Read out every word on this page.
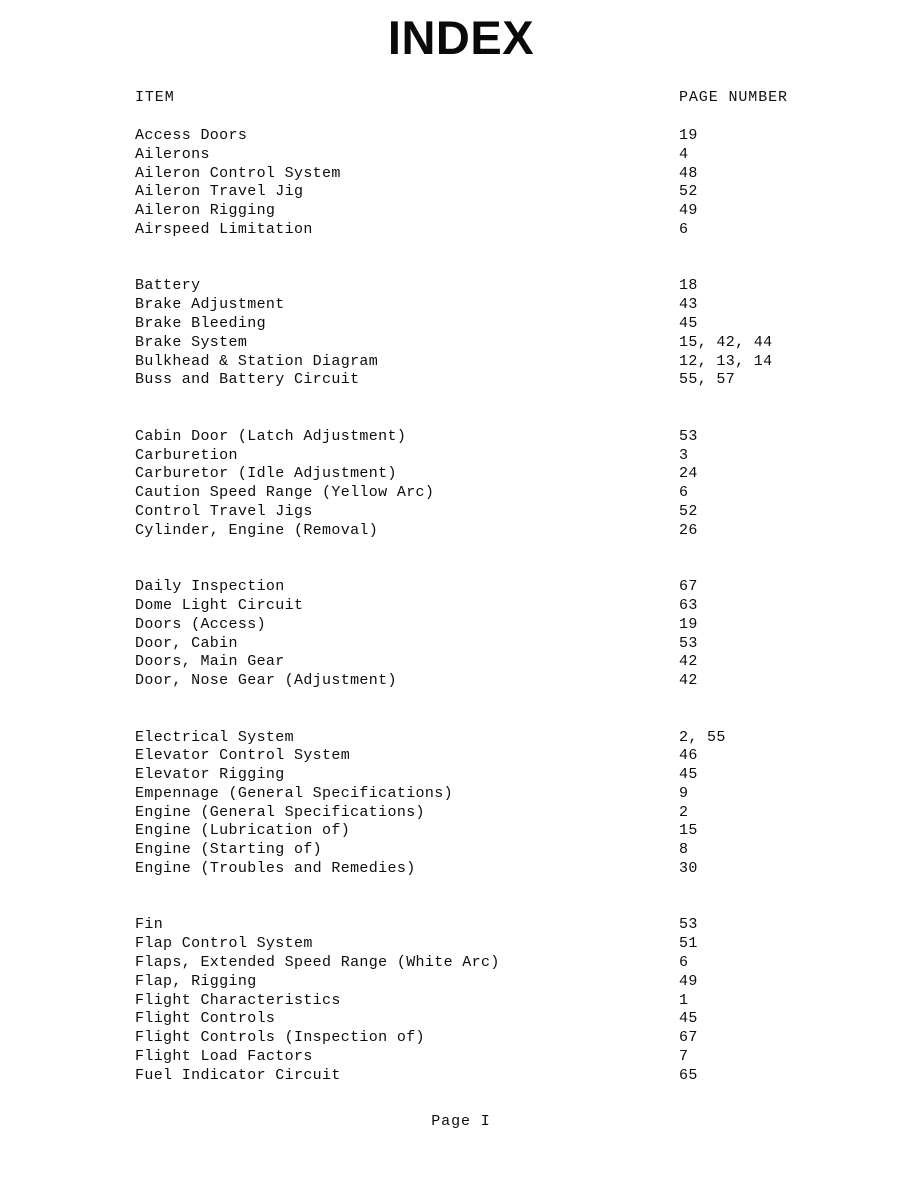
INDEX
ITEM	PAGE NUMBER
Access Doors	19
Ailerons	4
Aileron Control System	48
Aileron Travel Jig	52
Aileron Rigging	49
Airspeed Limitation	6
Battery	18
Brake Adjustment	43
Brake Bleeding	45
Brake System	15, 42, 44
Bulkhead & Station Diagram	12, 13, 14
Buss and Battery Circuit	55, 57
Cabin Door (Latch Adjustment)	53
Carburetion	3
Carburetor (Idle Adjustment)	24
Caution Speed Range (Yellow Arc)	6
Control Travel Jigs	52
Cylinder, Engine (Removal)	26
Daily Inspection	67
Dome Light Circuit	63
Doors (Access)	19
Door, Cabin	53
Doors, Main Gear	42
Door, Nose Gear (Adjustment)	42
Electrical System	2, 55
Elevator Control System	46
Elevator Rigging	45
Empennage (General Specifications)	9
Engine (General Specifications)	2
Engine (Lubrication of)	15
Engine (Starting of)	8
Engine (Troubles and Remedies)	30
Fin	53
Flap Control System	51
Flaps, Extended Speed Range (White Arc)	6
Flap, Rigging	49
Flight Characteristics	1
Flight Controls	45
Flight Controls (Inspection of)	67
Flight Load Factors	7
Fuel Indicator Circuit	65
Page I
